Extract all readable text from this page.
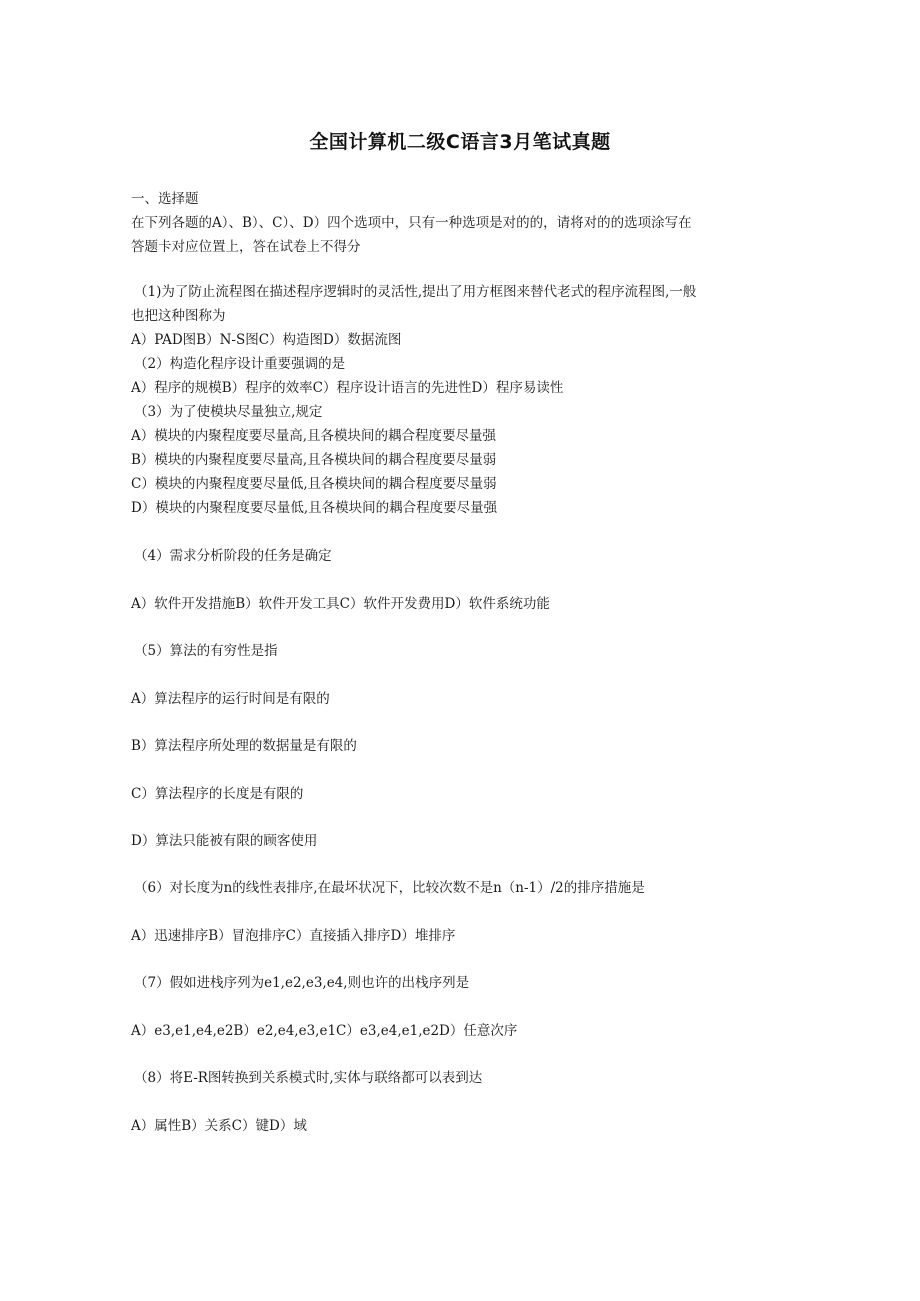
全国计算机二级C语言3月笔试真题
一、选择题
在下列各题的A）、B）、C）、D）四个选项中，只有一种选项是对的的，请将对的的选项涂写在
答题卡对应位置上，答在试卷上不得分
（1)为了防止流程图在描述程序逻辑时的灵活性,提出了用方框图来替代老式的程序流程图,一般
也把这种图称为
A）PAD图B）N-S图C）构造图D）数据流图
（2）构造化程序设计重要强调的是
A）程序的规模B）程序的效率C）程序设计语言的先进性D）程序易读性
（3）为了使模块尽量独立,规定
A）模块的内聚程度要尽量高,且各模块间的耦合程度要尽量强
B）模块的内聚程度要尽量高,且各模块间的耦合程度要尽量弱
C）模块的内聚程度要尽量低,且各模块间的耦合程度要尽量弱
D）模块的内聚程度要尽量低,且各模块间的耦合程度要尽量强
（4）需求分析阶段的任务是确定
A）软件开发措施B）软件开发工具C）软件开发费用D）软件系统功能
（5）算法的有穷性是指
A）算法程序的运行时间是有限的
B）算法程序所处理的数据量是有限的
C）算法程序的长度是有限的
D）算法只能被有限的顾客使用
（6）对长度为n的线性表排序,在最坏状况下，比较次数不是n（n-1）/2的排序措施是
A）迅速排序B）冒泡排序C）直接插入排序D）堆排序
（7）假如进栈序列为e1,e2,e3,e4,则也许的出栈序列是
A）e3,e1,e4,e2B）e2,e4,e3,e1C）e3,e4,e1,e2D）任意次序
（8）将E-R图转换到关系模式时,实体与联络都可以表到达
A）属性B）关系C）键D）域
